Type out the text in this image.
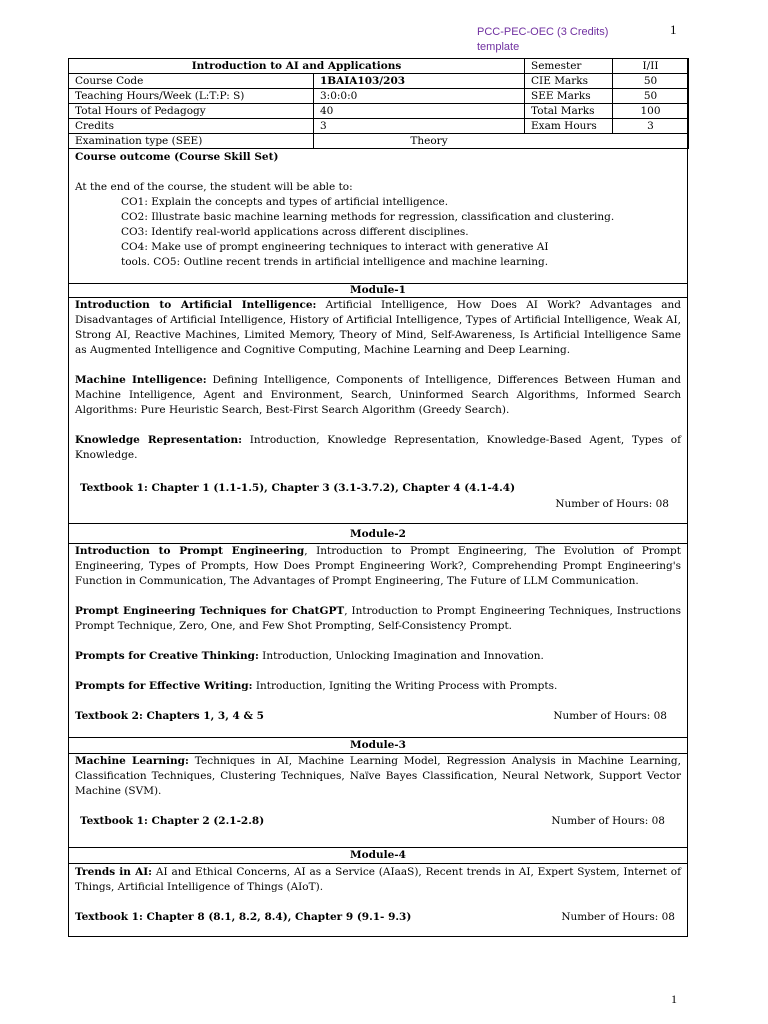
PCC-PEC-OEC (3 Credits) template
1
Introduction to AI and Applications		Semester	I/II
Course Code	1BAIA103/203	CIE Marks	50
Teaching Hours/Week (L:T:P: S)	3:0:0:0	SEE Marks	50
Total Hours of Pedagogy	40	Total Marks	100
Credits	3	Exam Hours	3
Examination type (SEE)	Theory		
Course outcome (Course Skill Set)
At the end of the course, the student will be able to:
CO1: Explain the concepts and types of artificial intelligence.
CO2: Illustrate basic machine learning methods for regression, classification and clustering.
CO3: Identify real-world applications across different disciplines.
CO4: Make use of prompt engineering techniques to interact with generative AI
tools. CO5: Outline recent trends in artificial intelligence and machine learning.
Module-1
Introduction to Artificial Intelligence: Artificial Intelligence, How Does AI Work? Advantages and Disadvantages of Artificial Intelligence, History of Artificial Intelligence, Types of Artificial Intelligence, Weak AI, Strong AI, Reactive Machines, Limited Memory, Theory of Mind, Self-Awareness, Is Artificial Intelligence Same as Augmented Intelligence and Cognitive Computing, Machine Learning and Deep Learning.
Machine Intelligence: Defining Intelligence, Components of Intelligence, Differences Between Human and Machine Intelligence, Agent and Environment, Search, Uninformed Search Algorithms, Informed Search Algorithms: Pure Heuristic Search, Best-First Search Algorithm (Greedy Search).
Knowledge Representation: Introduction, Knowledge Representation, Knowledge-Based Agent, Types of Knowledge.
Textbook 1: Chapter 1 (1.1-1.5), Chapter 3 (3.1-3.7.2), Chapter 4 (4.1-4.4)
Number of Hours: 08
Module-2
Introduction to Prompt Engineering, Introduction to Prompt Engineering, The Evolution of Prompt Engineering, Types of Prompts, How Does Prompt Engineering Work?, Comprehending Prompt Engineering's Function in Communication, The Advantages of Prompt Engineering, The Future of LLM Communication.
Prompt Engineering Techniques for ChatGPT, Introduction to Prompt Engineering Techniques, Instructions Prompt Technique, Zero, One, and Few Shot Prompting, Self-Consistency Prompt.
Prompts for Creative Thinking: Introduction, Unlocking Imagination and Innovation.
Prompts for Effective Writing: Introduction, Igniting the Writing Process with Prompts.
Textbook 2: Chapters 1, 3, 4 & 5	Number of Hours: 08
Module-3
Machine Learning: Techniques in AI, Machine Learning Model, Regression Analysis in Machine Learning, Classification Techniques, Clustering Techniques, Naïve Bayes Classification, Neural Network, Support Vector Machine (SVM).
Textbook 1: Chapter 2 (2.1-2.8)	Number of Hours: 08
Module-4
Trends in AI: AI and Ethical Concerns, AI as a Service (AIaaS), Recent trends in AI, Expert System, Internet of Things, Artificial Intelligence of Things (AIoT).
Textbook 1: Chapter 8 (8.1, 8.2, 8.4), Chapter 9 (9.1- 9.3)	Number of Hours: 08
1
